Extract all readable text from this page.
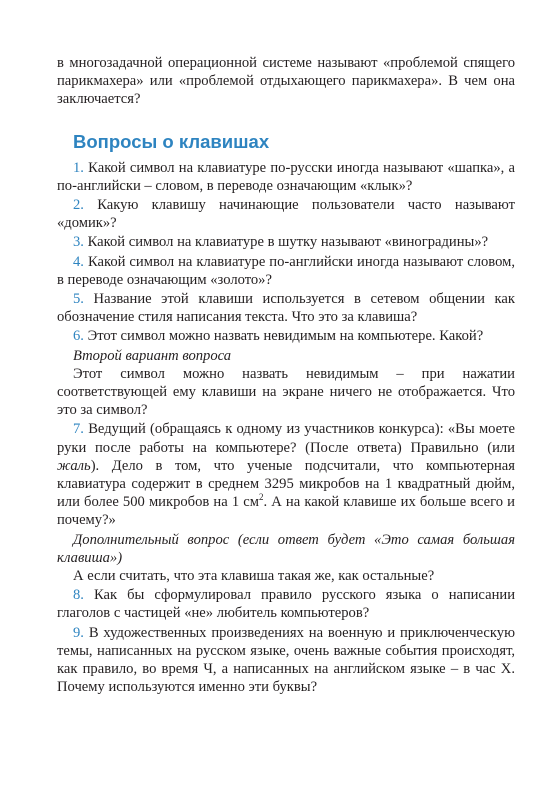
в многозадачной операционной системе называют «проблемой спящего парикмахера» или «проблемой отдыхающего парикмахера». В чем она заключается?

Вопросы о клавишах

1. Какой символ на клавиатуре по-русски иногда называют «шапка», а по-английски – словом, в переводе означающим «клык»?

2. Какую клавишу начинающие пользователи часто называют «домик»?

3. Какой символ на клавиатуре в шутку называют «виноградины»?

4. Какой символ на клавиатуре по-английски иногда называют словом, в переводе означающим «золото»?

5. Название этой клавиши используется в сетевом общении как обозначение стиля написания текста. Что это за клавиша?

6. Этот символ можно назвать невидимым на компьютере. Какой?

Второй вариант вопроса

Этот символ можно назвать невидимым – при нажатии соответствующей ему клавиши на экране ничего не отображается. Что это за символ?

7. Ведущий (обращаясь к одному из участников конкурса): «Вы моете руки после работы на компьютере? (После ответа) Правильно (или жаль). Дело в том, что ученые подсчитали, что компьютерная клавиатура содержит в среднем 3295 микробов на 1 квадратный дюйм, или более 500 микробов на 1 $см^2$. А на какой клавише их больше всего и почему?»

Дополнительный вопрос (если ответ будет «Это самая большая клавиша»)

А если считать, что эта клавиша такая же, как остальные?

8. Как бы сформулировал правило русского языка о написании глаголов с частицей «не» любитель компьютеров?

9. В художественных произведениях на военную и приключенческую темы, написанных на русском языке, очень важные события происходят, как правило, во время Ч, а написанных на английском языке – в час Х. Почему используются именно эти буквы?
